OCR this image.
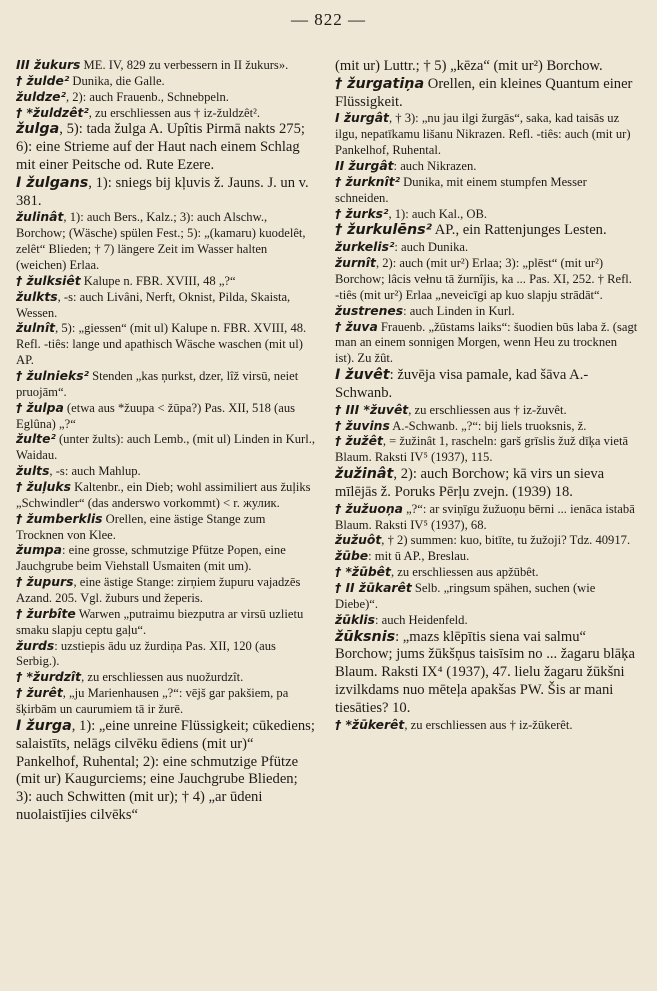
— 822 —

III žukurs ME. IV, 829 zu verbessern in II žukurs».

† žulde² Dunika, die Galle.

žuldze², 2): auch Frauenb., Schnebpeln.

† *žuldzêt², zu erschliessen aus † iz-žuldzêt².

žulga, 5): tada žulga A. Upîtis Pirmā nakts 275; 6): eine Strieme auf der Haut nach einem Schlag mit einer Peitsche od. Rute Ezere.

I žulgans, 1): sniegs bij kļuvis ž. Jauns. J. un v. 381.

žulinât, 1): auch Bers., Kalz.; 3): auch Alschw., Borchow; (Wäsche) spülen Fest.; 5): „(kamaru) kuodelêt, zelêt“ Blieden; † 7) längere Zeit im Wasser halten (weichen) Erlaa.

† žulksiêt Kalupe n. FBR. XVIII, 48 „?“

žulkts, -s: auch Livâni, Nerft, Oknist, Pilda, Skaista, Wessen.

žulnît, 5): „giessen“ (mit ul) Kalupe n. FBR. XVIII, 48. Refl. -tiês: lange und apathisch Wäsche waschen (mit ul) AP.

† žulnieks² Stenden „kas ņurkst, dzer, lîž virsū, neiet pruojām“.

† žulpa (etwa aus *žuupa < žūpa?) Pas. XII, 518 (aus Eglûna) „?“

žulte² (unter žults): auch Lemb., (mit ul) Linden in Kurl., Waidau.

žults, -s: auch Mahlup.

† žuļuks Kaltenbr., ein Dieb; wohl assimiliert aus žuļiks „Schwindler“ (das anderswo vorkommt) < r. жулик.

† žumberklis Orellen, eine ästige Stange zum Trocknen von Klee.

žumpa: eine grosse, schmutzige Pfütze Popen, eine Jauchgrube beim Viehstall Usmaiten (mit um).

† župurs, eine ästige Stange: zirņiem župuru vajadzēs Azand. 205. Vgl. žuburs und žeperis.

† žurbîte Warwen „putraimu biezputra ar virsū uzlietu smaku slapju ceptu gaļu“.

žurds: uzstiepis ādu uz žurdiņa Pas. XII, 120 (aus Serbig.).

† *žurdzît, zu erschliessen aus nuožurdzît.

† žurêt, „ju Marienhausen „?“: vējš gar pakšiem, pa šķirbām un caurumiem tā ir žurē.

I žurga, 1): „eine unreine Flüssigkeit; cūkediens; salaistīts, nelāgs cilvēku ēdiens (mit ur)“ Pankelhof, Ruhental; 2): eine schmutzige Pfütze (mit ur) Kaugurciems; eine Jauchgrube Blieden; 3): auch Schwitten (mit ur); † 4) „ar ūdeni nuolaistījies cilvēks“

(mit ur) Luttr.; † 5) „kēza“ (mit ur²) Borchow.

† žurgatiņa Orellen, ein kleines Quantum einer Flüssigkeit.

I žurgât, † 3): „nu jau ilgi žurgās“, saka, kad taisās uz ilgu, nepatīkamu lišanu Nikrazen. Refl. -tiês: auch (mit ur) Pankelhof, Ruhental.

II žurgât: auch Nikrazen.

† žurknît² Dunika, mit einem stumpfen Messer schneiden.

† žurks², 1): auch Kal., OB.

† žurkulēns² AP., ein Rattenjunges Lesten.

žurkelis²: auch Dunika.

žurnît, 2): auch (mit ur²) Erlaa; 3): „plēst“ (mit ur²) Borchow; lâcis vełnu tā žurnîjis, ka ... Pas. XI, 252. † Refl. -tiês (mit ur²) Erlaa „neveicīgi ap kuo slapju strādāt“.

žustrenes: auch Linden in Kurl.

† žuva Frauenb. „žūstams laiks“: šuodien būs laba ž. (sagt man an einem sonnigen Morgen, wenn Heu zu trocknen ist). Zu žût.

I žuvêt: žuvēja visa pamale, kad šāva A.-Schwanb.

† III *žuvêt, zu erschliessen aus † iz-žuvêt.

† žuvins A.-Schwanb. „?“: bij liels truoksnis, ž.

† žužêt, = žužinât 1, rascheln: garš grīslis žuž dīķa vietā Blaum. Raksti IV⁵ (1937), 115.

žužinât, 2): auch Borchow; kā virs un sieva mīlējās ž. Poruks Pērļu zvejn. (1939) 18.

† žužuoņa „?“: ar sviņīgu žužuoņu bērni ... ienāca istabā Blaum. Raksti IV⁵ (1937), 68.

žužuôt, † 2) summen: kuo, bitīte, tu žužoji? Tdz. 40917.

žūbe: mit ū AP., Breslau.

† *žūbêt, zu erschliessen aus apžūbêt.

† II žūkarêt Selb. „ringsum spähen, suchen (wie Diebe)“.

žūklis: auch Heidenfeld.

žūksnis: „mazs klēpītis siena vai salmu“ Borchow; jums žūkšņus taisīsim no ... žagaru blāķa Blaum. Raksti IX⁴ (1937), 47. lielu žagaru žūkšni izvilkdams nuo mēteļa apakšas PW. Šis ar mani tiesāties? 10.

† *žūkerêt, zu erschliessen aus † iz-žūkerêt.
